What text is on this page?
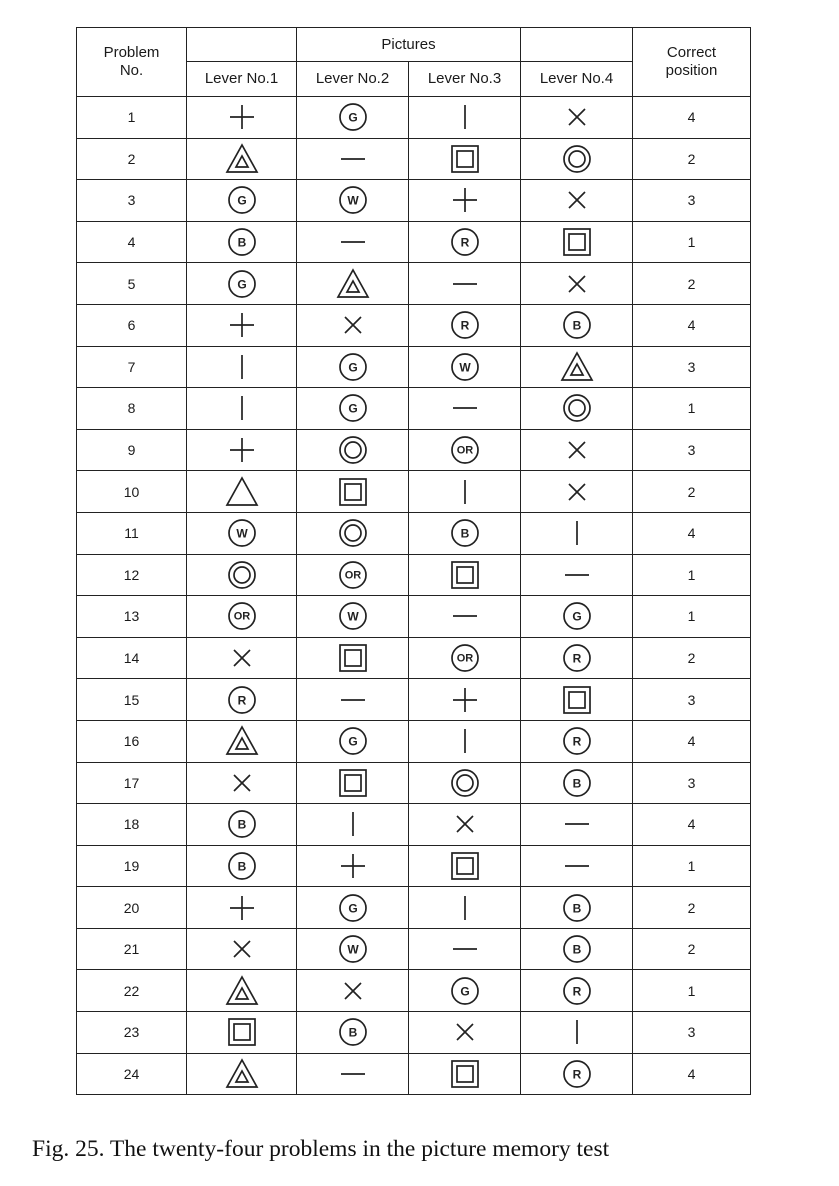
Problem
No.		Pictures			Correct
position
	Lever No.1	Lever No.2	Lever No.3	Lever No.4	
1		G			4
2					2
3	G	W			3
4	B		R		1
5	G				2
6			R	B	4
7		G	W		3
8		G			1
9			OR		3
10					2
11	W		B		4
12		OR			1
13	OR	W		G	1
14			OR	R	2
15	R				3
16		G		R	4
17				B	3
18	B				4
19	B				1
20		G		B	2
21		W		B	2
22			G	R	1
23		B			3
24				R	4
Fig. 25. The twenty-four problems in the picture memory test
